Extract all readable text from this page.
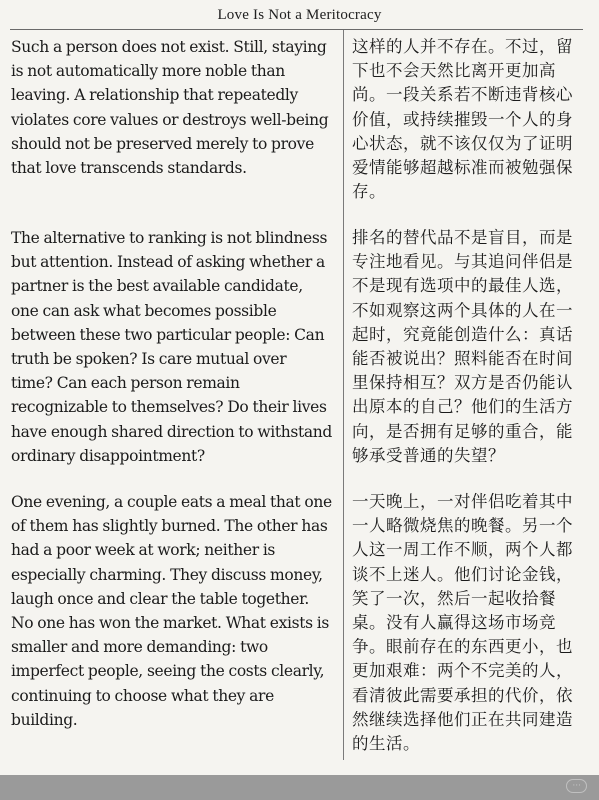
Love Is Not a Meritocracy
Such a person does not exist. Still, staying
is not automatically more noble than
leaving. A relationship that repeatedly
violates core values or destroys well-being
should not be preserved merely to prove
that love transcends standards.
这样的人并不存在。不过，留
下也不会天然比离开更加高
尚。一段关系若不断违背核心
价值，或持续摧毁一个人的身
心状态，就不该仅仅为了证明
爱情能够超越标准而被勉强保
存。
The alternative to ranking is not blindness
but attention. Instead of asking whether a
partner is the best available candidate,
one can ask what becomes possible
between these two particular people: Can
truth be spoken? Is care mutual over
time? Can each person remain
recognizable to themselves? Do their lives
have enough shared direction to withstand
ordinary disappointment?
排名的替代品不是盲目，而是
专注地看见。与其追问伴侣是
不是现有选项中的最佳人选，
不如观察这两个具体的人在一
起时，究竟能创造什么：真话
能否被说出？照料能否在时间
里保持相互？双方是否仍能认
出原本的自己？他们的生活方
向，是否拥有足够的重合，能
够承受普通的失望？
One evening, a couple eats a meal that one
of them has slightly burned. The other has
had a poor week at work; neither is
especially charming. They discuss money,
laugh once and clear the table together.
No one has won the market. What exists is
smaller and more demanding: two
imperfect people, seeing the costs clearly,
continuing to choose what they are
building.
一天晚上，一对伴侣吃着其中
一人略微烧焦的晚餐。另一个
人这一周工作不顺，两个人都
谈不上迷人。他们讨论金钱，
笑了一次，然后一起收拾餐
桌。没有人赢得这场市场竞
争。眼前存在的东西更小，也
更加艰难：两个不完美的人，
看清彼此需要承担的代价，依
然继续选择他们正在共同建造
的生活。
···
